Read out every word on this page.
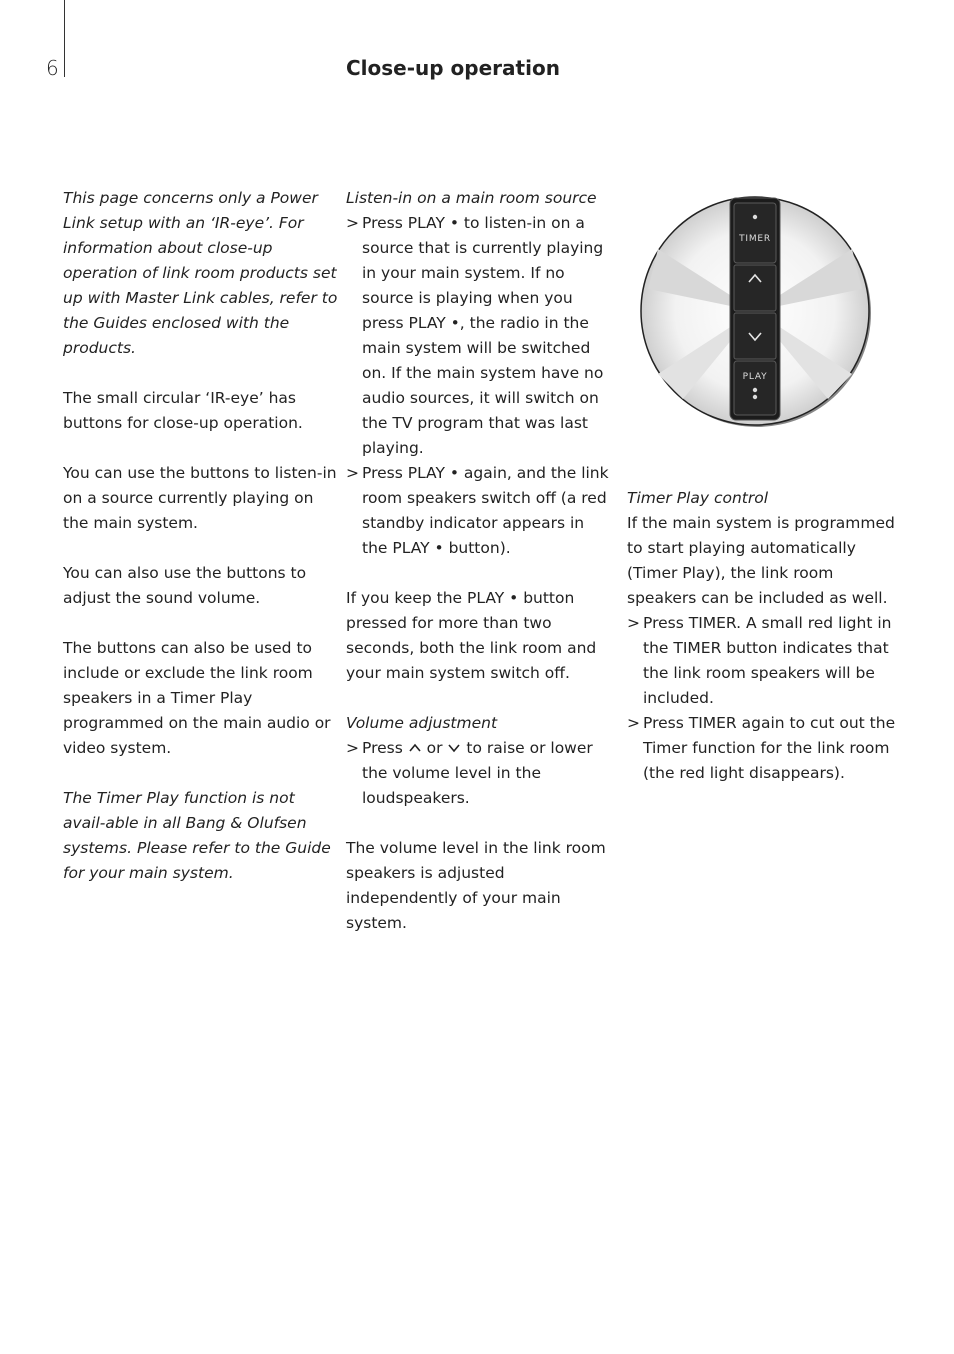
6	Close-up operation

This page concerns only a Power Link setup with an ‘IR-eye’. For information about close-up operation of link room products set up with Master Link cables, refer to the Guides enclosed with the products.

The small circular ‘IR-eye’ has buttons for close-up operation.

You can use the buttons to listen-in on a source currently playing on the main system.

You can also use the buttons to adjust the sound volume.

The buttons can also be used to include or exclude the link room speakers in a Timer Play programmed on the main audio or video system.

The Timer Play function is not avail-able in all Bang & Olufsen systems. Please refer to the Guide for your main system.

Listen-in on a main room source
> Press PLAY • to listen-in on a source that is currently playing in your main system. If no source is playing when you press PLAY •, the radio in the main system will be switched on. If the main system have no audio sources, it will switch on the TV program that was last playing.
> Press PLAY • again, and the link room speakers switch off (a red standby indicator appears in the PLAY • button).

If you keep the PLAY • button pressed for more than two seconds, both the link room and your main system switch off.

Volume adjustment
> Press or to raise or lower the volume level in the loudspeakers.

The volume level in the link room speakers is adjusted independently of your main system.

TIMER
PLAY
Timer Play control
If the main system is programmed to start playing automatically (Timer Play), the link room speakers can be included as well.
> Press TIMER. A small red light in the TIMER button indicates that the link room speakers will be included.
> Press TIMER again to cut out the Timer function for the link room (the red light disappears).
